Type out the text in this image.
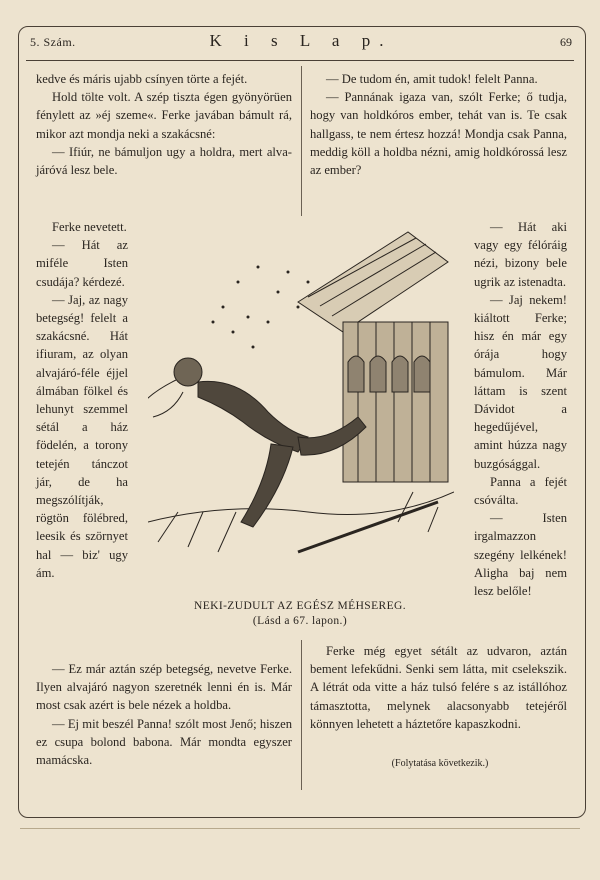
5. Szám.	K i s L a p.	69

kedve és máris ujabb csínyen törte a fejét.

Hold tölte volt. A szép tiszta égen gyönyörüen fénylett az »éj szeme«. Ferke javában bámult rá, mikor azt mondja neki a szakácsné:

— Ifiúr, ne bámuljon ugy a holdra, mert alva-járóvá lesz bele.

— De tudom én, amit tudok! felelt Panna.

— Pannának igaza van, szólt Ferke; ő tudja, hogy van holdkóros ember, tehát van is. Te csak hallgass, te nem értesz hozzá! Mondja csak Panna, meddig köll a holdba nézni, amig holdkórossá lesz az ember?

Ferke nevetett.

— Hát az miféle Isten csudája? kérdezé.

— Jaj, az nagy betegség! felelt a szakácsné. Hát ifiuram, az olyan alvajáró-féle éjjel álmában fölkel és lehunyt szemmel sétál a ház födelén, a torony tetején tánczot jár, de ha megszólítják, rögtön fölébred, leesik és szörnyet hal — biz' ugy ám.

— Hát aki vagy egy félóráig nézi, bizony bele ugrik az istenadta.

— Jaj nekem! kiáltott Ferke; hisz én már egy órája hogy bámulom. Már láttam is szent Dávidot a hegedűjével, amint húzza nagy buzgósággal.

Panna a fejét csóválta.

— Isten irgalmazzon szegény lelkének! Aligha baj nem lesz belőle!

NEKI-ZUDULT AZ EGÉSZ MÉHSEREG.
(Lásd a 67. lapon.)

— Ez már aztán szép betegség, nevetve Ferke. Ilyen alvajáró nagyon szeretnék lenni én is. Már most csak azért is bele nézek a holdba.

— Ej mit beszél Panna! szólt most Jenő; hiszen ez csupa bolond babona. Már mondta egyszer mamácska.

Ferke még egyet sétált az udvaron, aztán bement lefekűdni. Senki sem látta, mit cselekszik. A létrát oda vitte a ház tulsó felére s az istállóhoz támasztotta, melynek alacsonyabb tetejéről könnyen lehetett a háztetőre kapaszkodni.

(Folytatása következik.)
